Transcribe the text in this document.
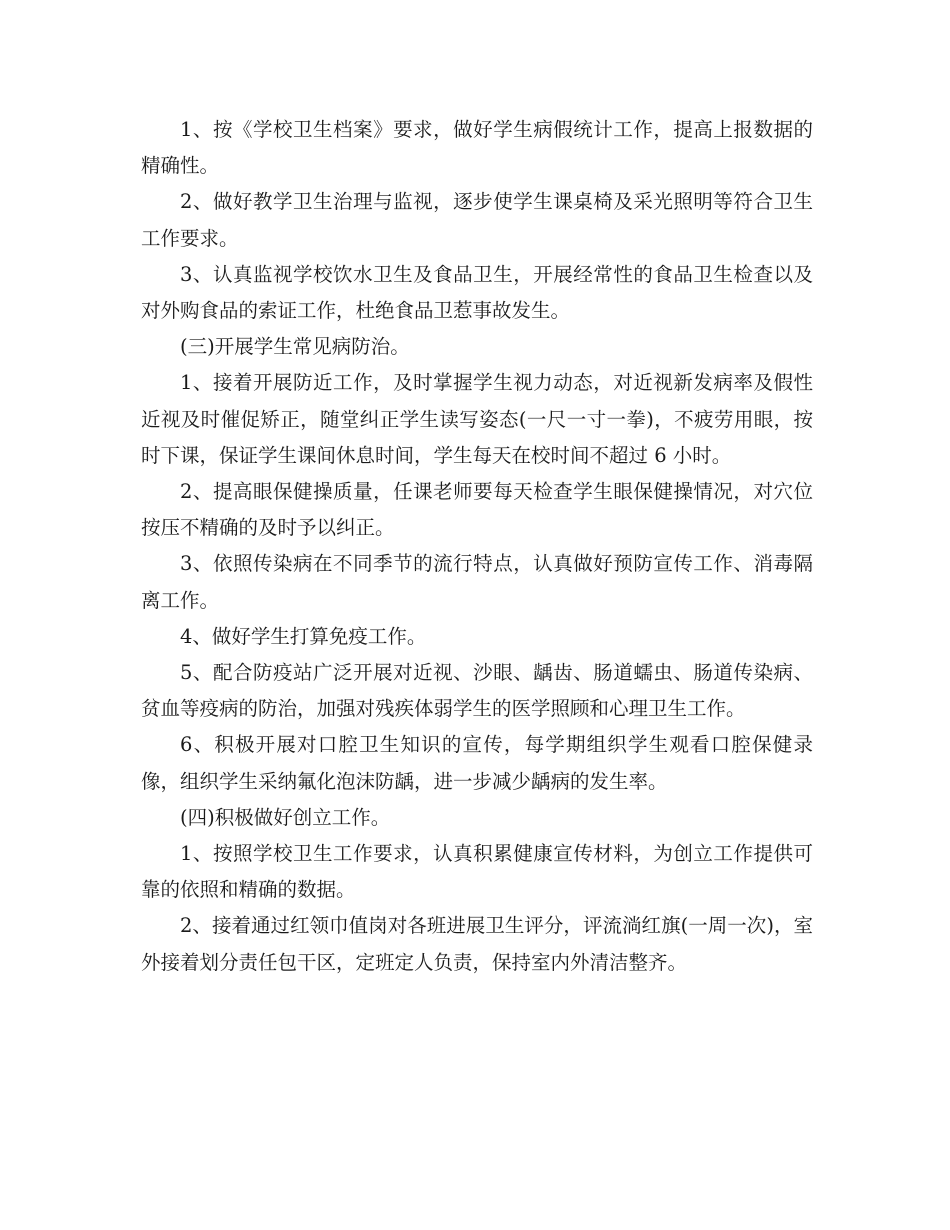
1、按《学校卫生档案》要求，做好学生病假统计工作，提高上报数据的精确性。

2、做好教学卫生治理与监视，逐步使学生课桌椅及采光照明等符合卫生工作要求。

3、认真监视学校饮水卫生及食品卫生，开展经常性的食品卫生检查以及对外购食品的索证工作，杜绝食品卫惹事故发生。

(三)开展学生常见病防治。

1、接着开展防近工作，及时掌握学生视力动态，对近视新发病率及假性近视及时催促矫正，随堂纠正学生读写姿态(一尺一寸一拳)，不疲劳用眼，按时下课，保证学生课间休息时间，学生每天在校时间不超过 6 小时。

2、提高眼保健操质量，任课老师要每天检查学生眼保健操情况，对穴位按压不精确的及时予以纠正。

3、依照传染病在不同季节的流行特点，认真做好预防宣传工作、消毒隔离工作。

4、做好学生打算免疫工作。

5、配合防疫站广泛开展对近视、沙眼、龋齿、肠道蠕虫、肠道传染病、贫血等疫病的防治，加强对残疾体弱学生的医学照顾和心理卫生工作。

6、积极开展对口腔卫生知识的宣传，每学期组织学生观看口腔保健录像，组织学生采纳氟化泡沫防龋，进一步减少龋病的发生率。

(四)积极做好创立工作。

1、按照学校卫生工作要求，认真积累健康宣传材料，为创立工作提供可靠的依照和精确的数据。

2、接着通过红领巾值岗对各班进展卫生评分，评流淌红旗(一周一次)，室外接着划分责任包干区，定班定人负责，保持室内外清洁整齐。
